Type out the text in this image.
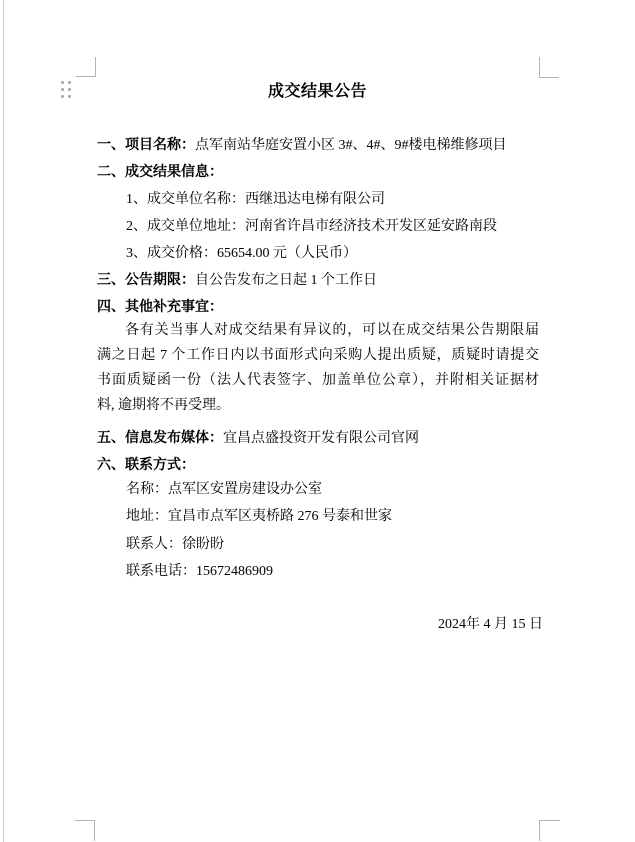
成交结果公告
一、项目名称：点军南站华庭安置小区 3#、4#、9#楼电梯维修项目
二、成交结果信息：
1、成交单位名称：西继迅达电梯有限公司
2、成交单位地址：河南省许昌市经济技术开发区延安路南段
3、成交价格：65654.00 元（人民币）
三、公告期限：自公告发布之日起 1 个工作日
四、其他补充事宜：
各有关当事人对成交结果有异议的，可以在成交结果公告期限届
满之日起 7 个工作日内以书面形式向采购人提出质疑，质疑时请提交
书面质疑函一份（法人代表签字、加盖单位公章），并附相关证据材
料, 逾期将不再受理。
五、信息发布媒体：宜昌点盛投资开发有限公司官网
六、联系方式：
名称：点军区安置房建设办公室
地址：宜昌市点军区夷桥路 276 号泰和世家
联系人：徐盼盼
联系电话：15672486909
2024年 4 月 15 日
